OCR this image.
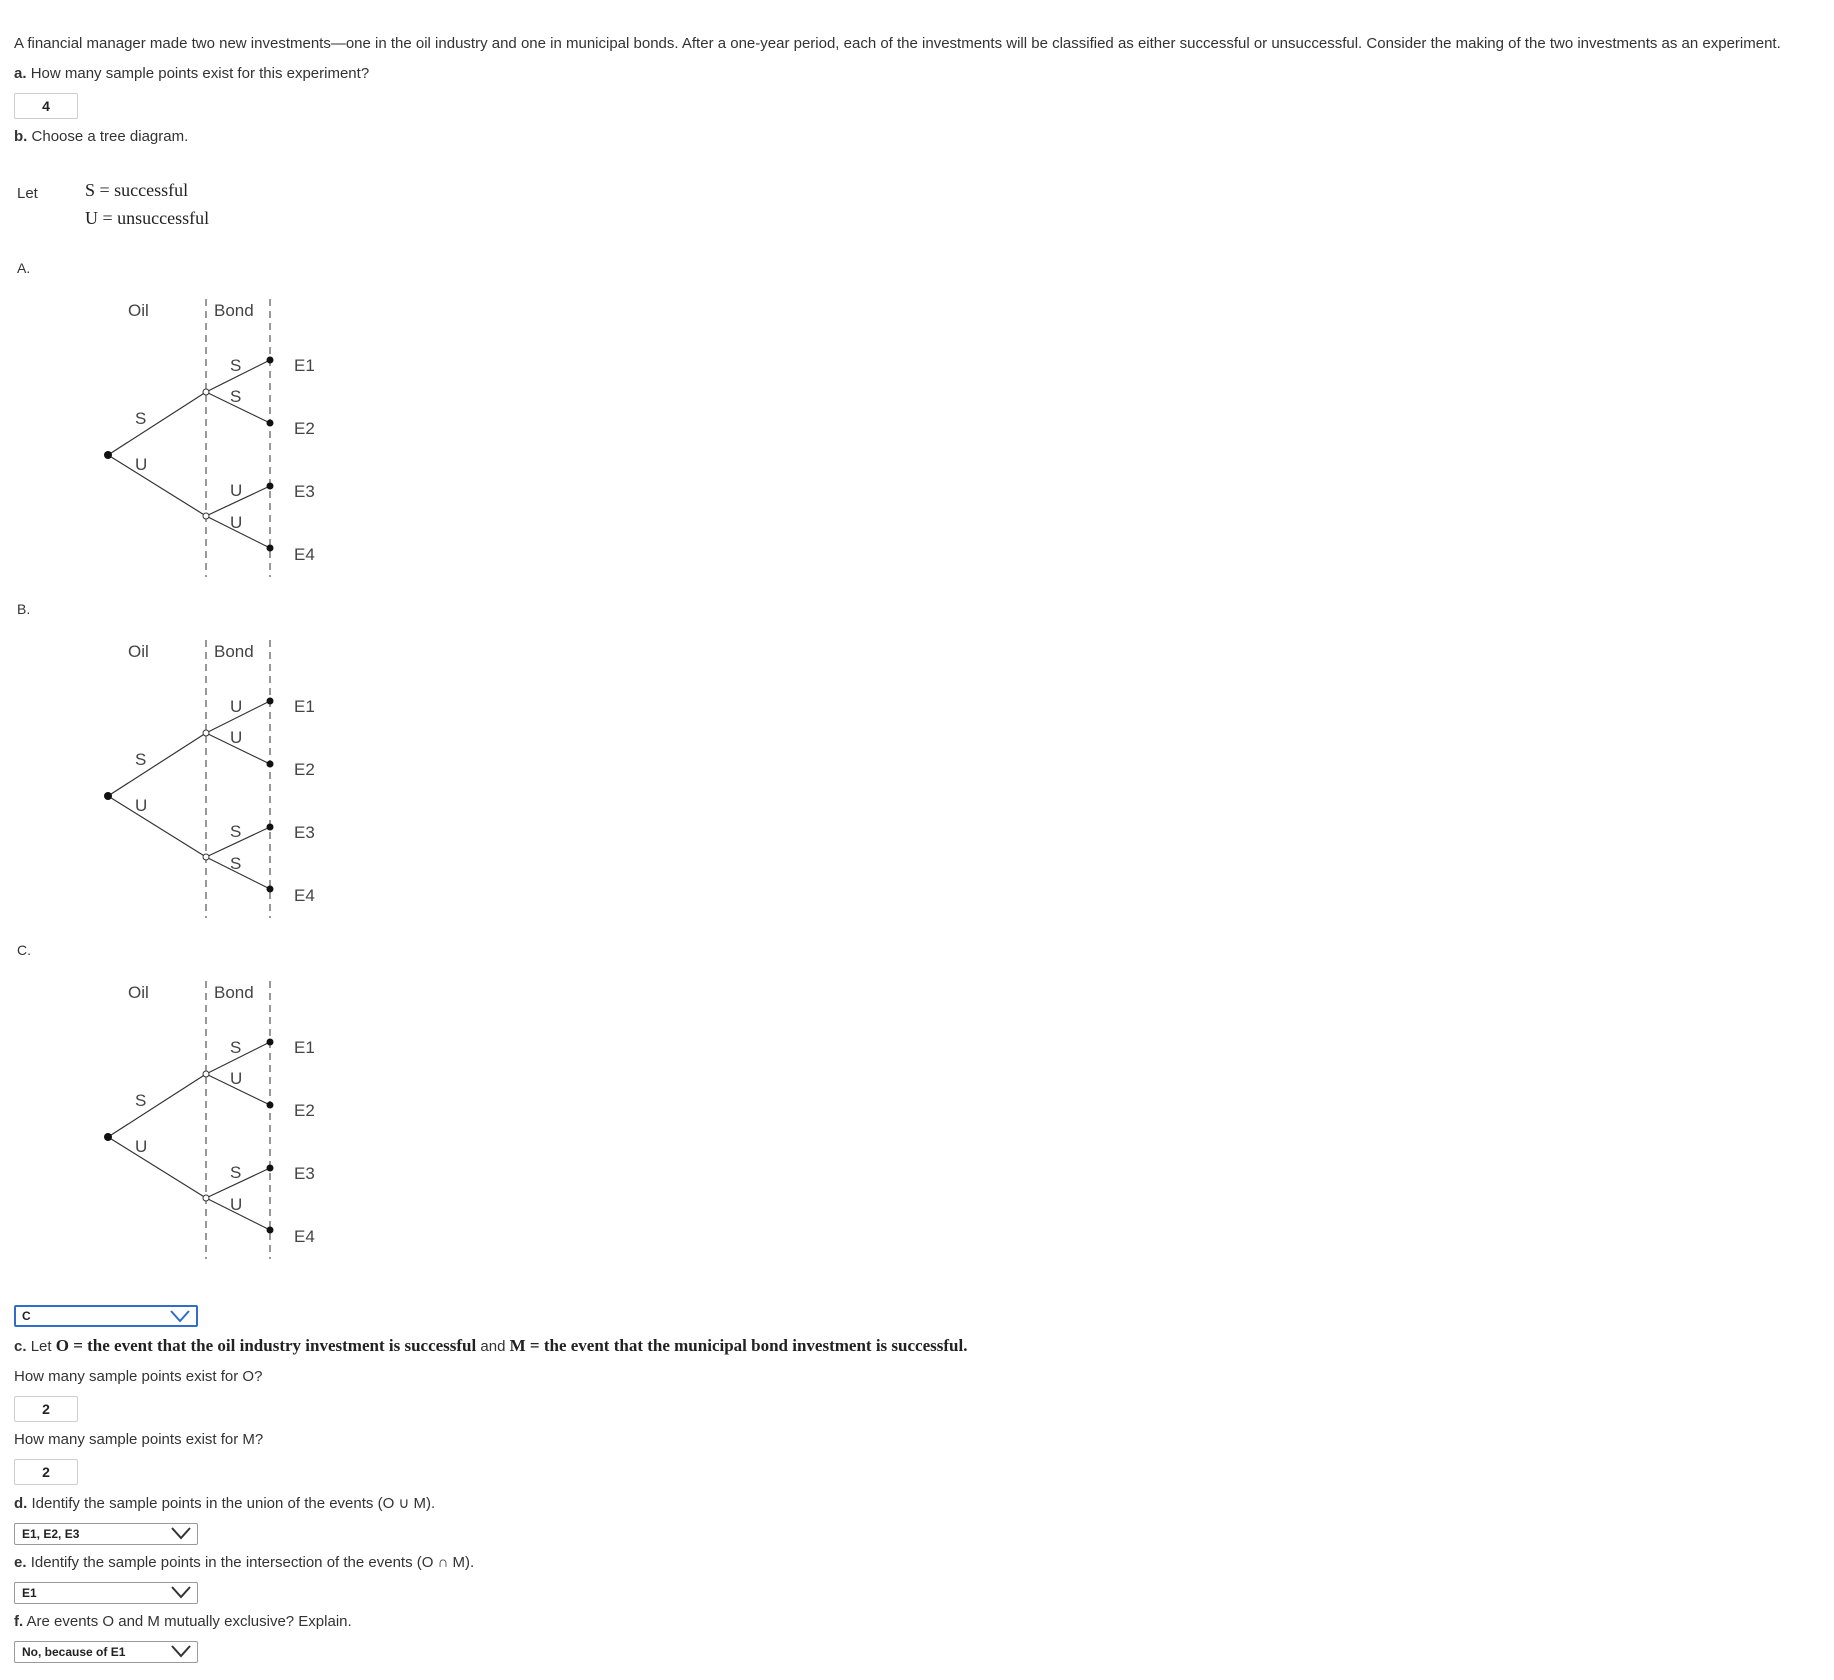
A financial manager made two new investments—one in the oil industry and one in municipal bonds. After a one-year period, each of the investments will be classified as either successful or unsuccessful. Consider the making of the two investments as an experiment.
a. How many sample points exist for this experiment?
4
b. Choose a tree diagram.
Let	S = successful
U = unsuccessful
A.
B.
C.
Oil	Bond
S
U
S
S
U
U
E1
E2
E3
E4
Oil	Bond
S
U
U
U
S
S
E1
E2
E3
E4
Oil	Bond
S
U
S
U
S
U
E1
E2
E3
E4
C
c. Let O = the event that the oil industry investment is successful and M = the event that the municipal bond investment is successful.
How many sample points exist for O?
2
How many sample points exist for M?
2
d. Identify the sample points in the union of the events (O ∪ M).
E1, E2, E3
e. Identify the sample points in the intersection of the events (O ∩ M).
E1
f. Are events O and M mutually exclusive? Explain.
No, because of E1
